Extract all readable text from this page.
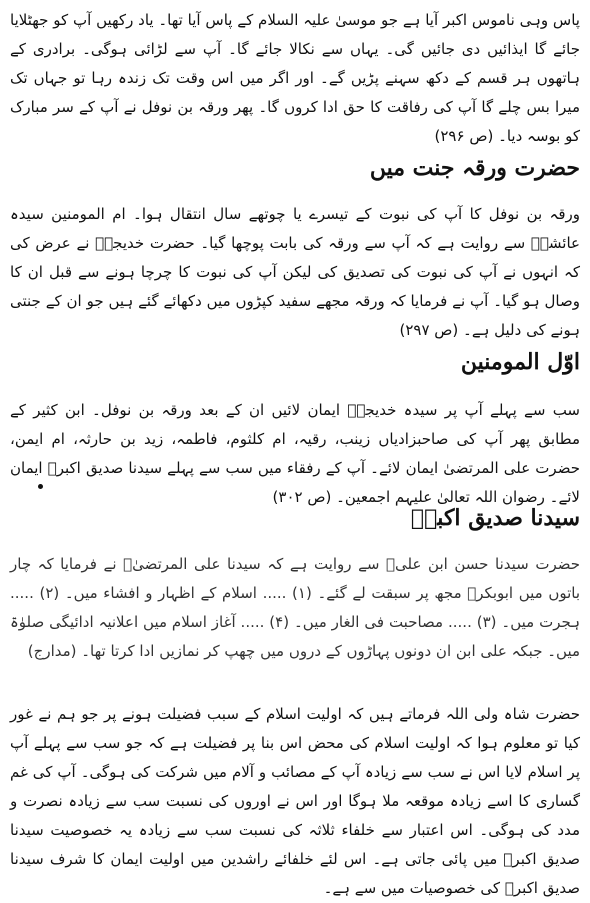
پاس وہی ناموس اکبر آیا ہے جو موسیٰ علیہ السلام کے پاس آیا تھا۔ یاد رکھیں آپ کو جھٹلایا جائے گا ایذائیں دی جائیں گی۔ یہاں سے نکالا جائے گا۔ آپ سے لڑائی ہوگی۔ برادری کے ہاتھوں ہر قسم کے دکھ سہنے پڑیں گے۔ اور اگر میں اس وقت تک زندہ رہا تو جہاں تک میرا بس چلے گا آپ کی رفاقت کا حق ادا کروں گا۔ پھر ورقہ بن نوفل نے آپ کے سر مبارک کو بوسہ دیا۔ (ص ۲۹۶)

حضرت ورقہ جنت میں

ورقہ بن نوفل کا آپ کی نبوت کے تیسرے یا چوتھے سال انتقال ہوا۔ ام المومنین سیدہ عائشہؓ سے روایت ہے کہ آپ سے ورقہ کی بابت پوچھا گیا۔ حضرت خدیجہؓ نے عرض کی کہ انہوں نے آپ کی نبوت کی تصدیق کی لیکن آپ کی نبوت کا چرچا ہونے سے قبل ان کا وصال ہو گیا۔ آپ نے فرمایا کہ ورقہ مجھے سفید کپڑوں میں دکھائے گئے ہیں جو ان کے جنتی ہونے کی دلیل ہے۔ (ص ۲۹۷)

اوّل المومنین

سب سے پہلے آپ پر سیدہ خدیجہؓ ایمان لائیں ان کے بعد ورقہ بن نوفل۔ ابن کثیر کے مطابق پھر آپ کی صاحبزادیاں زینب، رقیہ، ام کلثوم، فاطمہ، زید بن حارثہ، ام ایمن، حضرت علی المرتضیٰ ایمان لائے۔ آپ کے رفقاء میں سب سے پہلے سیدنا صدیق اکبرؓ ایمان لائے۔ رضوان اللہ تعالیٰ علیہم اجمعین۔ (ص ۳۰۲)

سیدنا صدیق اکبرؓ

حضرت سیدنا حسن ابن علیؓ سے روایت ہے کہ سیدنا علی المرتضیٰؓ نے فرمایا کہ چار باتوں میں ابوبکرؓ مجھ پر سبقت لے گئے۔ (۱) ..... اسلام کے اظہار و افشاء میں۔ (۲) ..... ہجرت میں۔ (۳) ..... مصاحبت فی الغار میں۔ (۴) ..... آغاز اسلام میں اعلانیہ ادائیگی صلوٰۃ میں۔ جبکہ علی ابن ان دونوں پہاڑوں کے دروں میں چھپ کر نمازیں ادا کرتا تھا۔ (مدارج)

حضرت شاہ ولی اللہ فرماتے ہیں کہ اولیت اسلام کے سبب فضیلت ہونے پر جو ہم نے غور کیا تو معلوم ہوا کہ اولیت اسلام کی محض اس بنا پر فضیلت ہے کہ جو سب سے پہلے آپ پر اسلام لایا اس نے سب سے زیادہ آپ کے مصائب و آلام میں شرکت کی ہوگی۔ آپ کی غم گساری کا اسے زیادہ موقعہ ملا ہوگا اور اس نے اوروں کی نسبت سب سے زیادہ نصرت و مدد کی ہوگی۔ اس اعتبار سے خلفاء ثلاثہ کی نسبت سب سے زیادہ یہ خصوصیت سیدنا صدیق اکبرؓ میں پائی جاتی ہے۔ اس لئے خلفائے راشدین میں اولیت ایمان کا شرف سیدنا صدیق اکبرؓ کی خصوصیات میں سے ہے۔
